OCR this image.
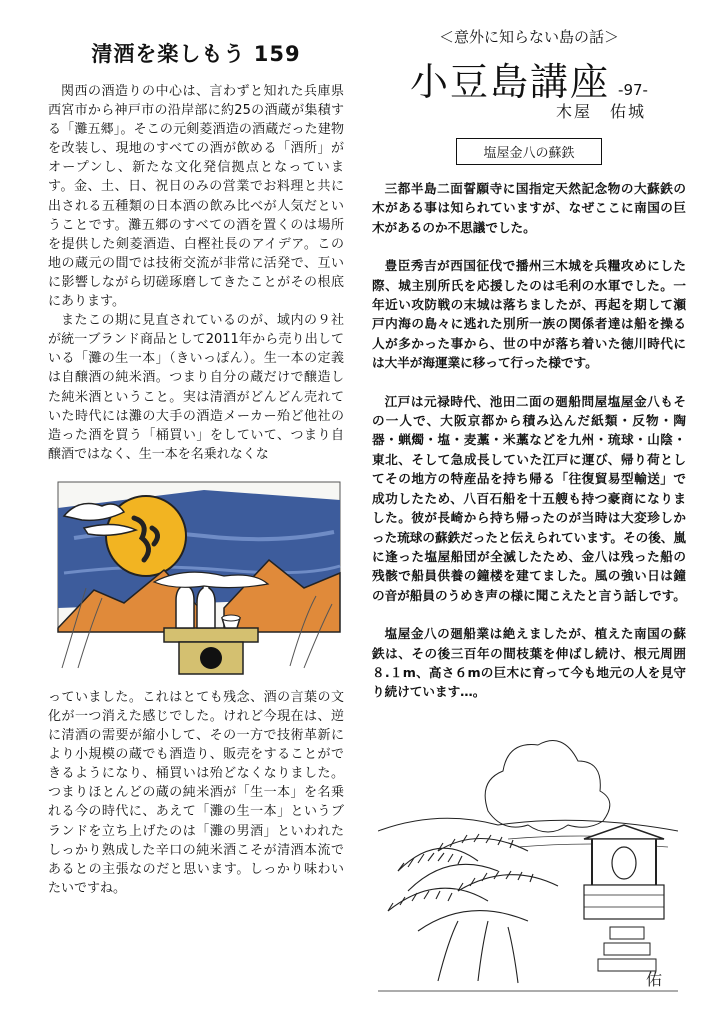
清酒を楽しもう 159

関西の酒造りの中心は、言わずと知れた兵庫県西宮市から神戸市の沿岸部に約25の酒蔵が集積する「灘五郷」。そこの元剣菱酒造の酒蔵だった建物を改装し、現地のすべての酒が飲める「酒所」がオープンし、新たな文化発信拠点となっています。金、土、日、祝日のみの営業でお料理と共に出される五種類の日本酒の飲み比べが人気だということです。灘五郷のすべての酒を置くのは場所を提供した剣菱酒造、白樫社長のアイデア。この地の蔵元の間では技術交流が非常に活発で、互いに影響しながら切磋琢磨してきたことがその根底にあります。

またこの期に見直されているのが、域内の９社が統一ブランド商品として2011年から売り出している「灘の生一本」（きいっぽん）。生一本の定義は自醸酒の純米酒。つまり自分の蔵だけで醸造した純米酒ということ。実は清酒がどんどん売れていた時代には灘の大手の酒造メーカー殆ど他社の造った酒を買う「桶買い」をしていて、つまり自醸酒ではなく、生一本を名乗れなくな

っていました。これはとても残念、酒の言葉の文化が一つ消えた感じでした。けれど今現在は、逆に清酒の需要が縮小して、その一方で技術革新により小規模の蔵でも酒造り、販売をすることができるようになり、桶買いは殆どなくなりました。つまりほとんどの蔵の純米酒が「生一本」を名乗れる今の時代に、あえて「灘の生一本」というブランドを立ち上げたのは「灘の男酒」といわれたしっかり熟成した辛口の純米酒こそが清酒本流であるとの主張なのだと思います。しっかり味わいたいですね。

＜意外に知らない島の話＞

小豆島講座 -97-

木屋　佑城

塩屋金八の蘇鉄

三都半島二面誓願寺に国指定天然記念物の大蘇鉄の木がある事は知られていますが、なぜここに南国の巨木があるのか不思議でした。

豊臣秀吉が西国征伐で播州三木城を兵糧攻めにした際、城主別所氏を応援したのは毛利の水軍でした。一年近い攻防戦の末城は落ちましたが、再起を期して瀬戸内海の島々に逃れた別所一族の関係者達は船を操る人が多かった事から、世の中が落ち着いた徳川時代には大半が海運業に移って行った様です。

江戸は元禄時代、池田二面の廻船問屋塩屋金八もその一人で、大阪京都から積み込んだ紙類・反物・陶器・蝋燭・塩・麦藁・米藁などを九州・琉球・山陰・東北、そして急成長していた江戸に運び、帰り荷としてその地方の特産品を持ち帰る「往復貿易型輸送」で成功したため、八百石船を十五艘も持つ豪商になりました。彼が長崎から持ち帰ったのが当時は大変珍しかった琉球の蘇鉄だったと伝えられています。その後、嵐に逢った塩屋船団が全滅したため、金八は残った船の残骸で船員供養の鐘楼を建てました。風の強い日は鐘の音が船員のうめき声の様に聞こえたと言う話しです。

塩屋金八の廻船業は絶えましたが、植えた南国の蘇鉄は、その後三百年の間枝葉を伸ばし続け、根元周囲８.１m、高さ６mの巨木に育って今も地元の人を見守り続けています…。

佑
